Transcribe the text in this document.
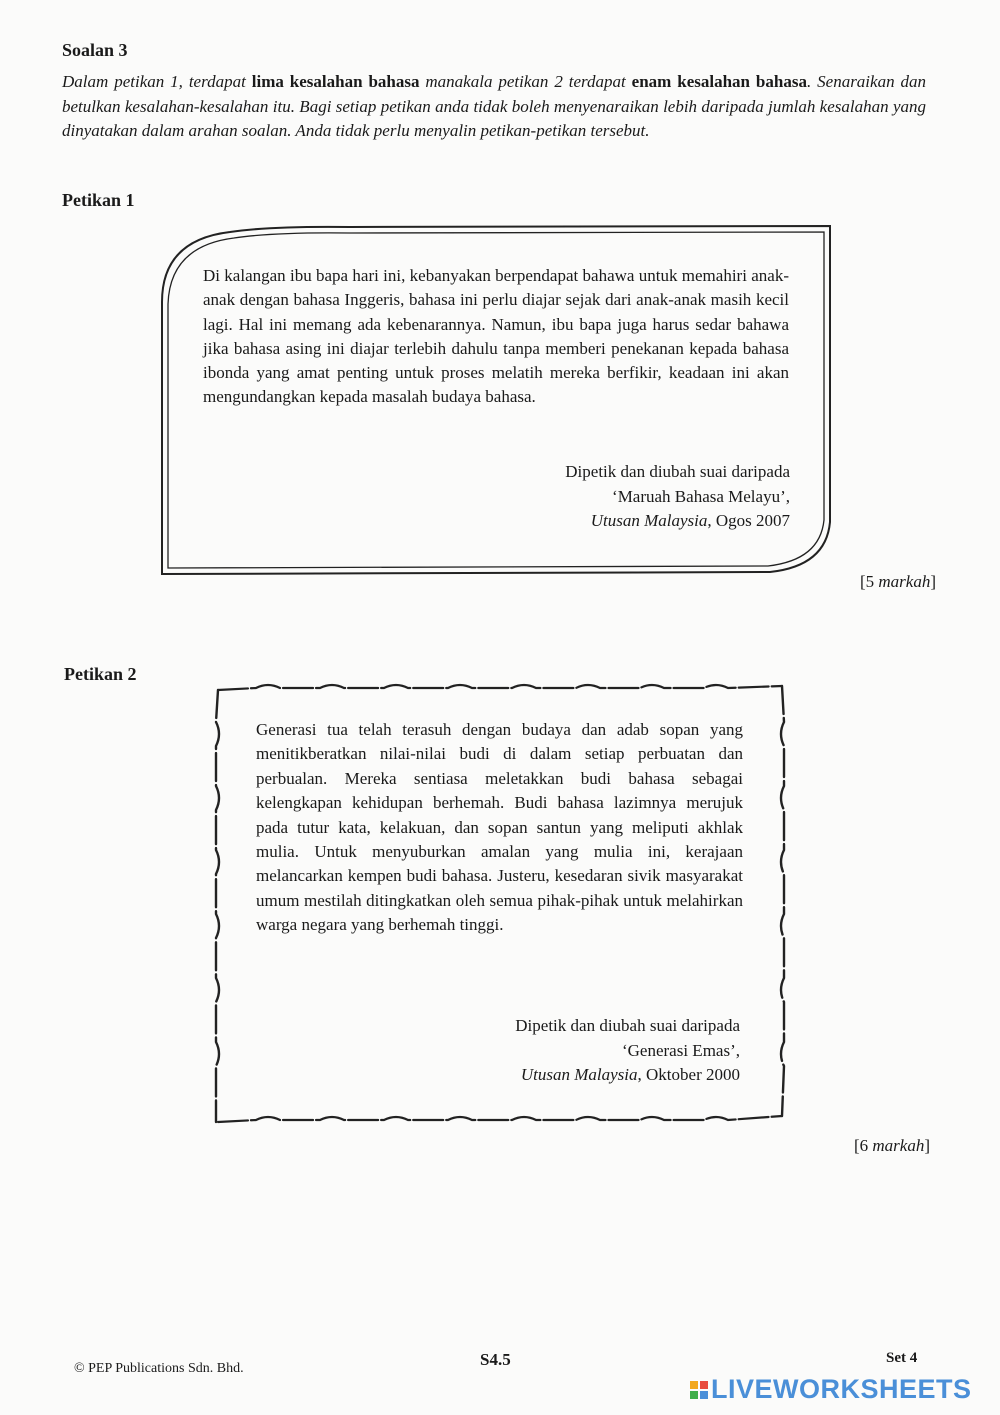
Soalan 3
Dalam petikan 1, terdapat lima kesalahan bahasa manakala petikan 2 terdapat enam kesalahan bahasa. Senaraikan dan betulkan kesalahan-kesalahan itu. Bagi setiap petikan anda tidak boleh menyenaraikan lebih daripada jumlah kesalahan yang dinyatakan dalam arahan soalan. Anda tidak perlu menyalin petikan-petikan tersebut.
Petikan 1
Di kalangan ibu bapa hari ini, kebanyakan berpendapat bahawa untuk memahiri anak-anak dengan bahasa Inggeris, bahasa ini perlu diajar sejak dari anak-anak masih kecil lagi. Hal ini memang ada kebenarannya. Namun, ibu bapa juga harus sedar bahawa jika bahasa asing ini diajar terlebih dahulu tanpa memberi penekanan kepada bahasa ibonda yang amat penting untuk proses melatih mereka berfikir, keadaan ini akan mengundangkan kepada masalah budaya bahasa.
Dipetik dan diubah suai daripada
‘Maruah Bahasa Melayu’,
Utusan Malaysia, Ogos 2007
[5 markah]
Petikan 2
Generasi tua telah terasuh dengan budaya dan adab sopan yang menitikberatkan nilai-nilai budi di dalam setiap perbuatan dan perbualan. Mereka sentiasa meletakkan budi bahasa sebagai kelengkapan kehidupan berhemah. Budi bahasa lazimnya merujuk pada tutur kata, kelakuan, dan sopan santun yang meliputi akhlak mulia. Untuk menyuburkan amalan yang mulia ini, kerajaan melancarkan kempen budi bahasa. Justeru, kesedaran sivik masyarakat umum mestilah ditingkatkan oleh semua pihak-pihak untuk melahirkan warga negara yang berhemah tinggi.
Dipetik dan diubah suai daripada
‘Generasi Emas’,
Utusan Malaysia, Oktober 2000
[6 markah]
© PEP Publications Sdn. Bhd.	S4.5	Set 4
LIVEWORKSHEETS
